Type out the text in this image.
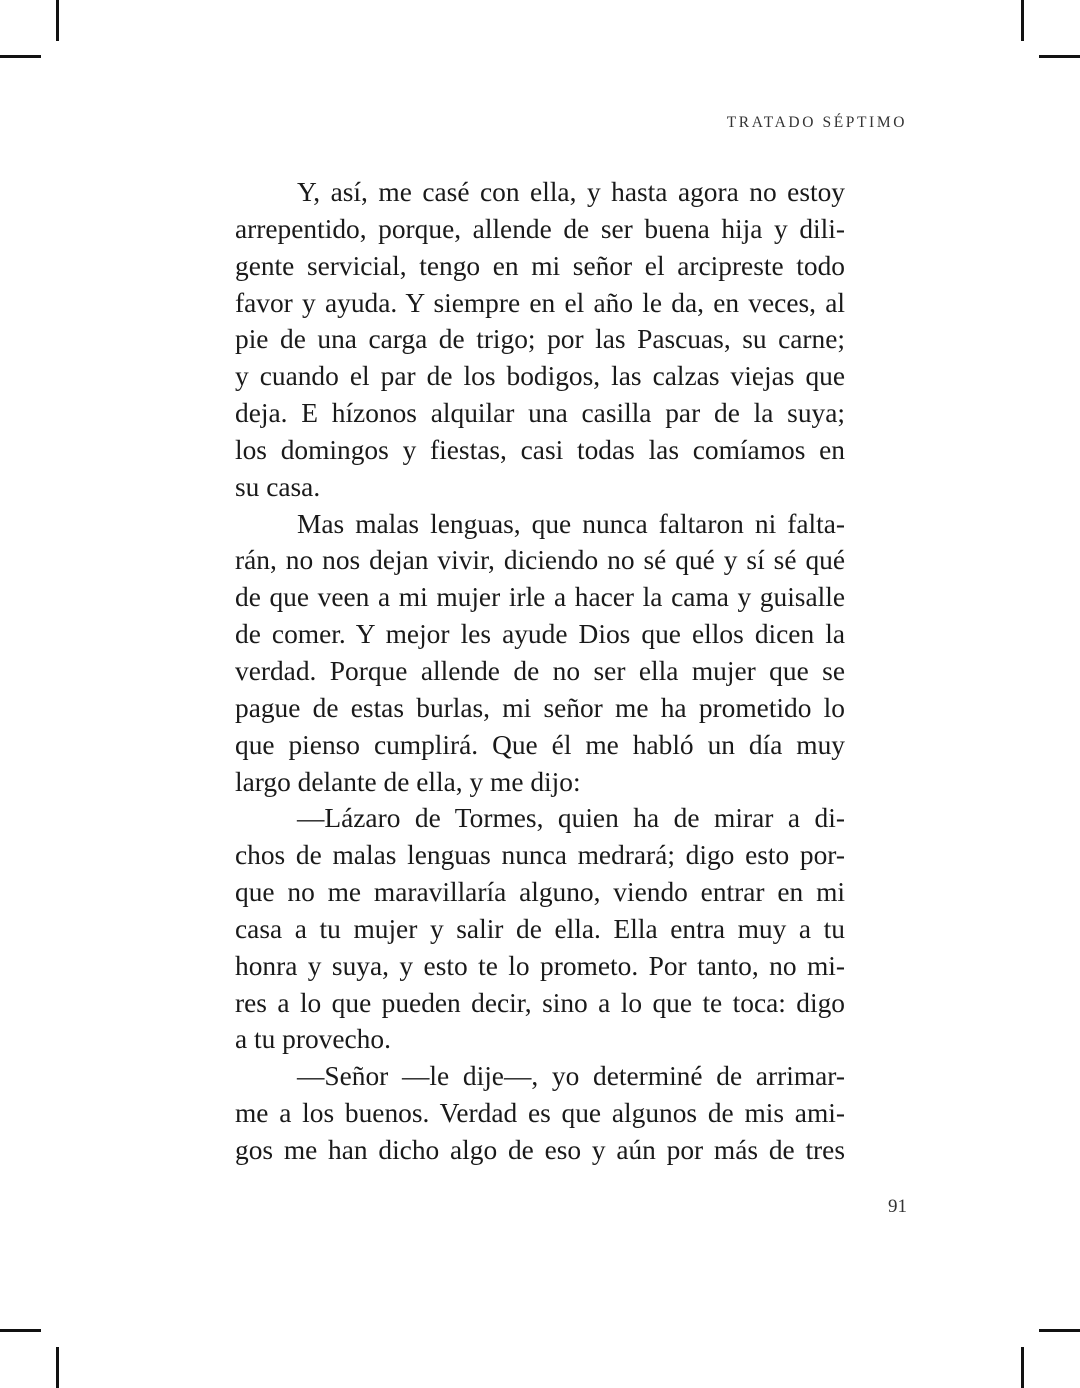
TRATADO SÉPTIMO
Y, así, me casé con ella, y hasta agora no estoy
arrepentido, porque, allende de ser buena hija y dili-
gente servicial, tengo en mi señor el arcipreste todo
favor y ayuda. Y siempre en el año le da, en veces, al
pie de una carga de trigo; por las Pascuas, su carne;
y cuando el par de los bodigos, las calzas viejas que
deja. E hízonos alquilar una casilla par de la suya;
los domingos y fiestas, casi todas las comíamos en
su casa.
Mas malas lenguas, que nunca faltaron ni falta-
rán, no nos dejan vivir, diciendo no sé qué y sí sé qué
de que veen a mi mujer irle a hacer la cama y guisalle
de comer. Y mejor les ayude Dios que ellos dicen la
verdad. Porque allende de no ser ella mujer que se
pague de estas burlas, mi señor me ha prometido lo
que pienso cumplirá. Que él me habló un día muy
largo delante de ella, y me dijo:
—Lázaro de Tormes, quien ha de mirar a di-
chos de malas lenguas nunca medrará; digo esto por-
que no me maravillaría alguno, viendo entrar en mi
casa a tu mujer y salir de ella. Ella entra muy a tu
honra y suya, y esto te lo prometo. Por tanto, no mi-
res a lo que pueden decir, sino a lo que te toca: digo
a tu provecho.
—Señor —le dije—, yo determiné de arrimar-
me a los buenos. Verdad es que algunos de mis ami-
gos me han dicho algo de eso y aún por más de tres
91
